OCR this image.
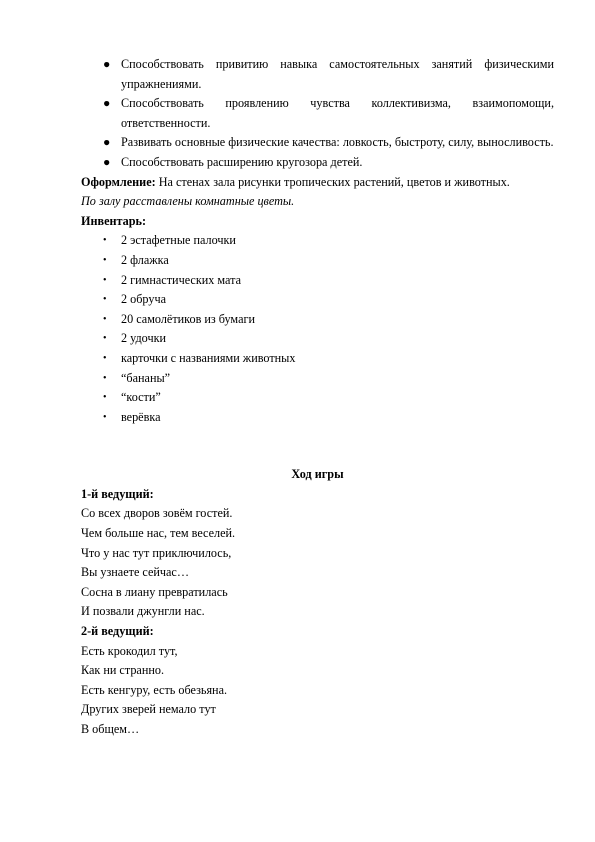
● Способствовать привитию навыка самостоятельных занятий физическими упражнениями.
● Способствовать проявлению чувства коллективизма, взаимопомощи, ответственности.
● Развивать основные физические качества: ловкость, быстроту, силу, выносливость.
● Способствовать расширению кругозора детей.

Оформление: На стенах зала рисунки тропических растений, цветов и животных.

По залу расставлены комнатные цветы.

Инвентарь:

• 2 эстафетные палочки
• 2 флажка
• 2 гимнастических мата
• 2 обруча
• 20 самолётиков из бумаги
• 2 удочки
• карточки с названиями животных
• “бананы”
• “кости”
• верёвка

Ход игры

1-й ведущий:

Со всех дворов зовём гостей.

Чем больше нас, тем веселей.

Что у нас тут приключилось,

Вы узнаете сейчас…

Сосна в лиану превратилась

И позвали джунгли нас.

2-й ведущий:

Есть крокодил тут,

Как ни странно.

Есть кенгуру, есть обезьяна.

Других зверей немало тут

В общем…
